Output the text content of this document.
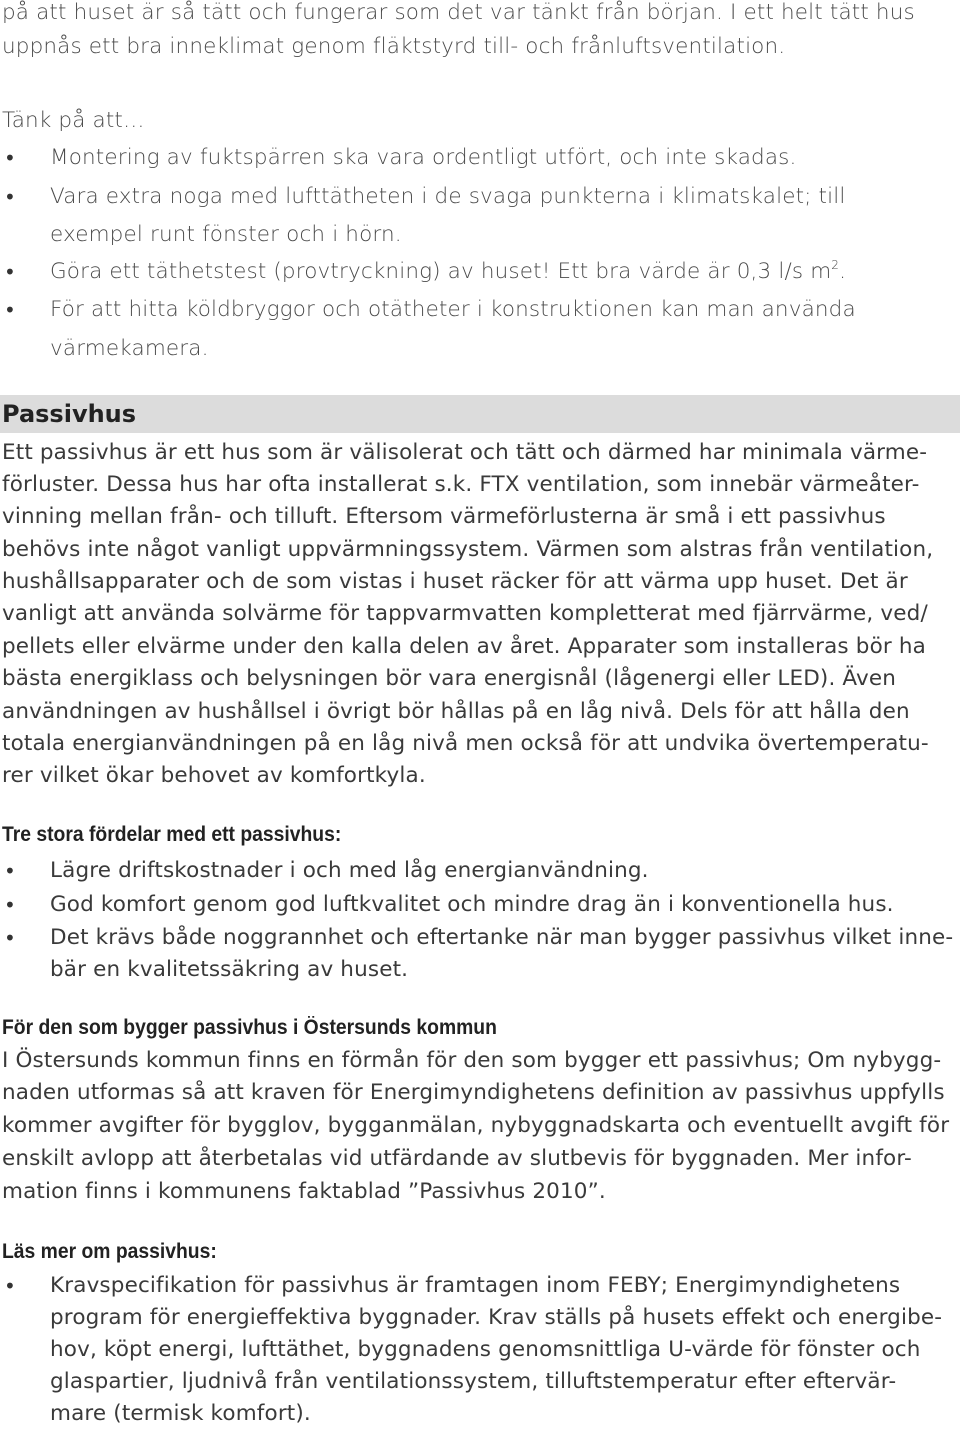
på att huset är så tätt och fungerar som det var tänkt från början. I ett helt tätt hus
uppnås ett bra inneklimat genom fläktstyrd till- och frånluftsventilation.
Tänk på att…
• Montering av fuktspärren ska vara ordentligt utfört, och inte skadas.
• Vara extra noga med lufttätheten i de svaga punkterna i klimatskalet; till
exempel runt fönster och i hörn.
• Göra ett täthetstest (provtryckning) av huset! Ett bra värde är 0,3 l/s $m^2$.
• För att hitta köldbryggor och otätheter i konstruktionen kan man använda
värmekamera.
Passivhus
Ett passivhus är ett hus som är välisolerat och tätt och därmed har minimala värme-
förluster. Dessa hus har ofta installerat s.k. FTX ventilation, som innebär värmeåter-
vinning mellan från- och tilluft. Eftersom värmeförlusterna är små i ett passivhus
behövs inte något vanligt uppvärmningssystem. Värmen som alstras från ventilation,
hushållsapparater och de som vistas i huset räcker för att värma upp huset. Det är
vanligt att använda solvärme för tappvarmvatten kompletterat med fjärrvärme, ved/
pellets eller elvärme under den kalla delen av året. Apparater som installeras bör ha
bästa energiklass och belysningen bör vara energisnål (lågenergi eller LED). Även
användningen av hushållsel i övrigt bör hållas på en låg nivå. Dels för att hålla den
totala energianvändningen på en låg nivå men också för att undvika övertemperatu-
rer vilket ökar behovet av komfortkyla.
Tre stora fördelar med ett passivhus:
• Lägre driftskostnader i och med låg energianvändning.
• God komfort genom god luftkvalitet och mindre drag än i konventionella hus.
• Det krävs både noggrannhet och eftertanke när man bygger passivhus vilket inne-
bär en kvalitetssäkring av huset.
För den som bygger passivhus i Östersunds kommun
I Östersunds kommun finns en förmån för den som bygger ett passivhus; Om nybygg-
naden utformas så att kraven för Energimyndighetens definition av passivhus uppfylls
kommer avgifter för bygglov, bygganmälan, nybyggnadskarta och eventuellt avgift för
enskilt avlopp att återbetalas vid utfärdande av slutbevis för byggnaden. Mer infor-
mation finns i kommunens faktablad ”Passivhus 2010”.
Läs mer om passivhus:
• Kravspecifikation för passivhus är framtagen inom FEBY; Energimyndighetens
program för energieffektiva byggnader. Krav ställs på husets effekt och energibe-
hov, köpt energi, lufttäthet, byggnadens genomsnittliga U-värde för fönster och
glaspartier, ljudnivå från ventilationssystem, tilluftstemperatur efter eftervär-
mare (termisk komfort).
